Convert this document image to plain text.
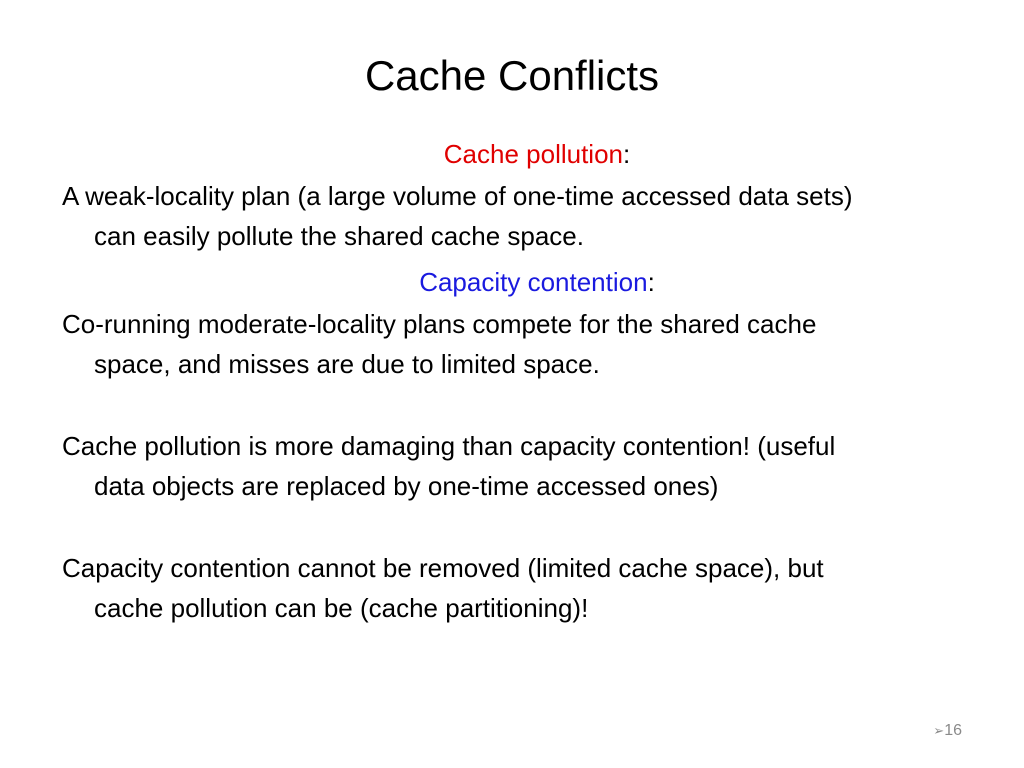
Cache Conflicts

Cache pollution:

A weak-locality plan (a large volume of one-time accessed data sets)
can easily pollute the shared cache space.

Capacity contention:

Co-running moderate-locality plans compete for the shared cache
space, and misses are due to limited space.

Cache pollution is more damaging than capacity contention! (useful
data objects are replaced by one-time accessed ones)

Capacity contention cannot be removed (limited cache space), but
cache pollution can be (cache partitioning)!

➢16
